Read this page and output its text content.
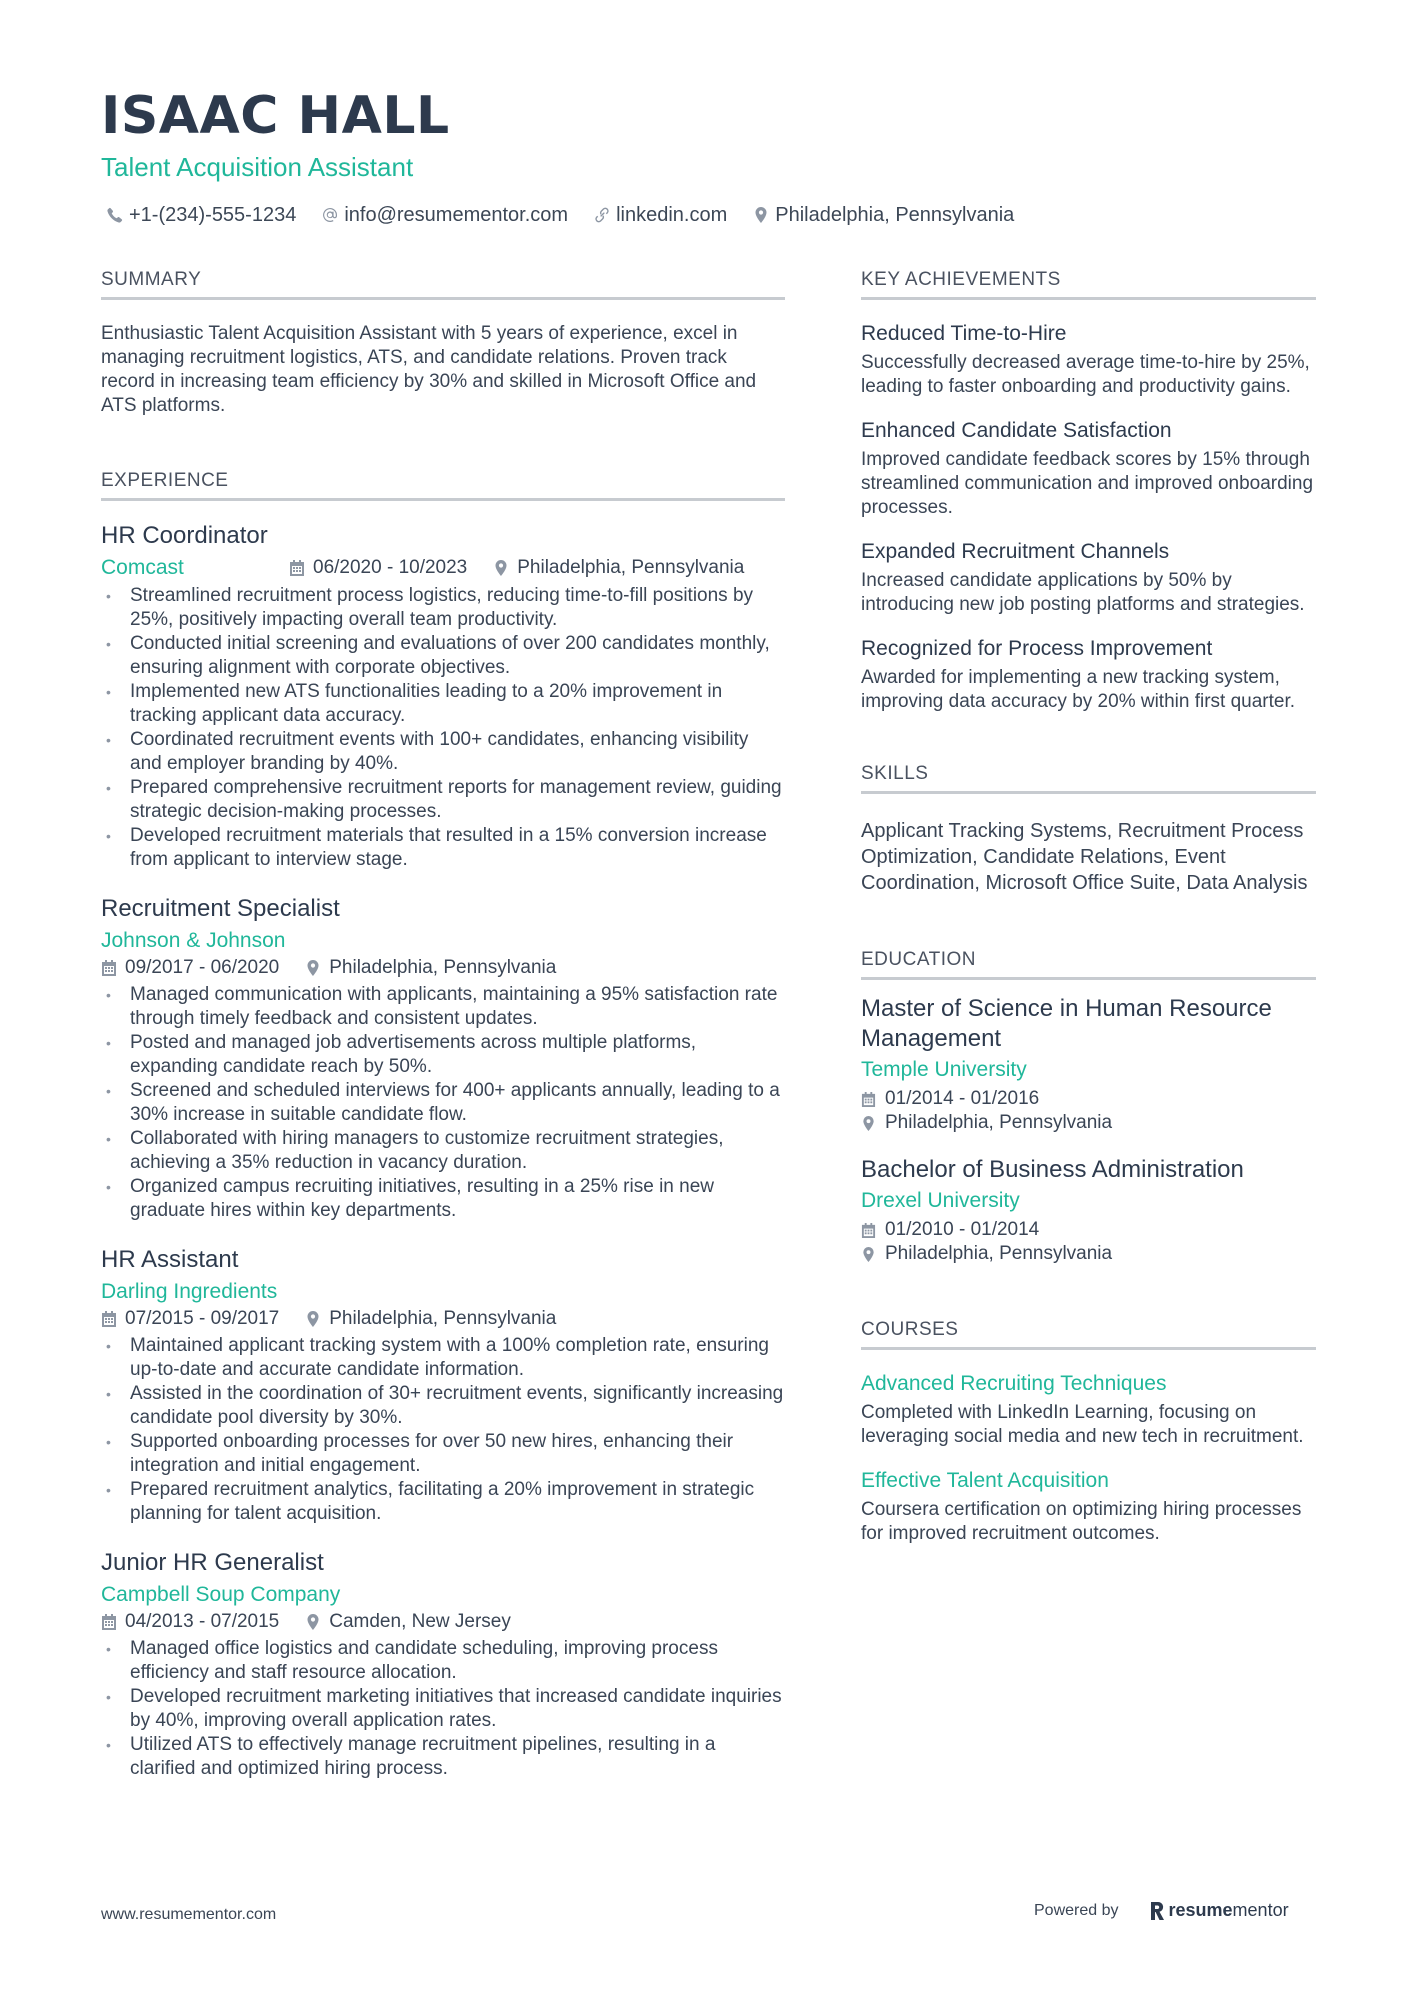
ISAAC HALL
Talent Acquisition Assistant
+1-(234)-555-1234 info@resumementor.com linkedin.com Philadelphia, Pennsylvania
SUMMARY
Enthusiastic Talent Acquisition Assistant with 5 years of experience, excel in managing recruitment logistics, ATS, and candidate relations. Proven track record in increasing team efficiency by 30% and skilled in Microsoft Office and ATS platforms.
EXPERIENCE
HR Coordinator
Comcast	06/2020 - 10/2023	Philadelphia, Pennsylvania
• Streamlined recruitment process logistics, reducing time-to-fill positions by 25%, positively impacting overall team productivity.
• Conducted initial screening and evaluations of over 200 candidates monthly, ensuring alignment with corporate objectives.
• Implemented new ATS functionalities leading to a 20% improvement in tracking applicant data accuracy.
• Coordinated recruitment events with 100+ candidates, enhancing visibility and employer branding by 40%.
• Prepared comprehensive recruitment reports for management review, guiding strategic decision-making processes.
• Developed recruitment materials that resulted in a 15% conversion increase from applicant to interview stage.
Recruitment Specialist
Johnson & Johnson
09/2017 - 06/2020	Philadelphia, Pennsylvania
• Managed communication with applicants, maintaining a 95% satisfaction rate through timely feedback and consistent updates.
• Posted and managed job advertisements across multiple platforms, expanding candidate reach by 50%.
• Screened and scheduled interviews for 400+ applicants annually, leading to a 30% increase in suitable candidate flow.
• Collaborated with hiring managers to customize recruitment strategies, achieving a 35% reduction in vacancy duration.
• Organized campus recruiting initiatives, resulting in a 25% rise in new graduate hires within key departments.
HR Assistant
Darling Ingredients
07/2015 - 09/2017	Philadelphia, Pennsylvania
• Maintained applicant tracking system with a 100% completion rate, ensuring up-to-date and accurate candidate information.
• Assisted in the coordination of 30+ recruitment events, significantly increasing candidate pool diversity by 30%.
• Supported onboarding processes for over 50 new hires, enhancing their integration and initial engagement.
• Prepared recruitment analytics, facilitating a 20% improvement in strategic planning for talent acquisition.
Junior HR Generalist
Campbell Soup Company
04/2013 - 07/2015	Camden, New Jersey
• Managed office logistics and candidate scheduling, improving process efficiency and staff resource allocation.
• Developed recruitment marketing initiatives that increased candidate inquiries by 40%, improving overall application rates.
• Utilized ATS to effectively manage recruitment pipelines, resulting in a clarified and optimized hiring process.
KEY ACHIEVEMENTS
Reduced Time-to-Hire
Successfully decreased average time-to-hire by 25%, leading to faster onboarding and productivity gains.
Enhanced Candidate Satisfaction
Improved candidate feedback scores by 15% through streamlined communication and improved onboarding processes.
Expanded Recruitment Channels
Increased candidate applications by 50% by introducing new job posting platforms and strategies.
Recognized for Process Improvement
Awarded for implementing a new tracking system, improving data accuracy by 20% within first quarter.
SKILLS
Applicant Tracking Systems, Recruitment Process Optimization, Candidate Relations, Event Coordination, Microsoft Office Suite, Data Analysis
EDUCATION
Master of Science in Human Resource Management
Temple University
01/2014 - 01/2016
Philadelphia, Pennsylvania
Bachelor of Business Administration
Drexel University
01/2010 - 01/2014
Philadelphia, Pennsylvania
COURSES
Advanced Recruiting Techniques
Completed with LinkedIn Learning, focusing on leveraging social media and new tech in recruitment.
Effective Talent Acquisition
Coursera certification on optimizing hiring processes for improved recruitment outcomes.
www.resumementor.com	Powered by	resume mentor
